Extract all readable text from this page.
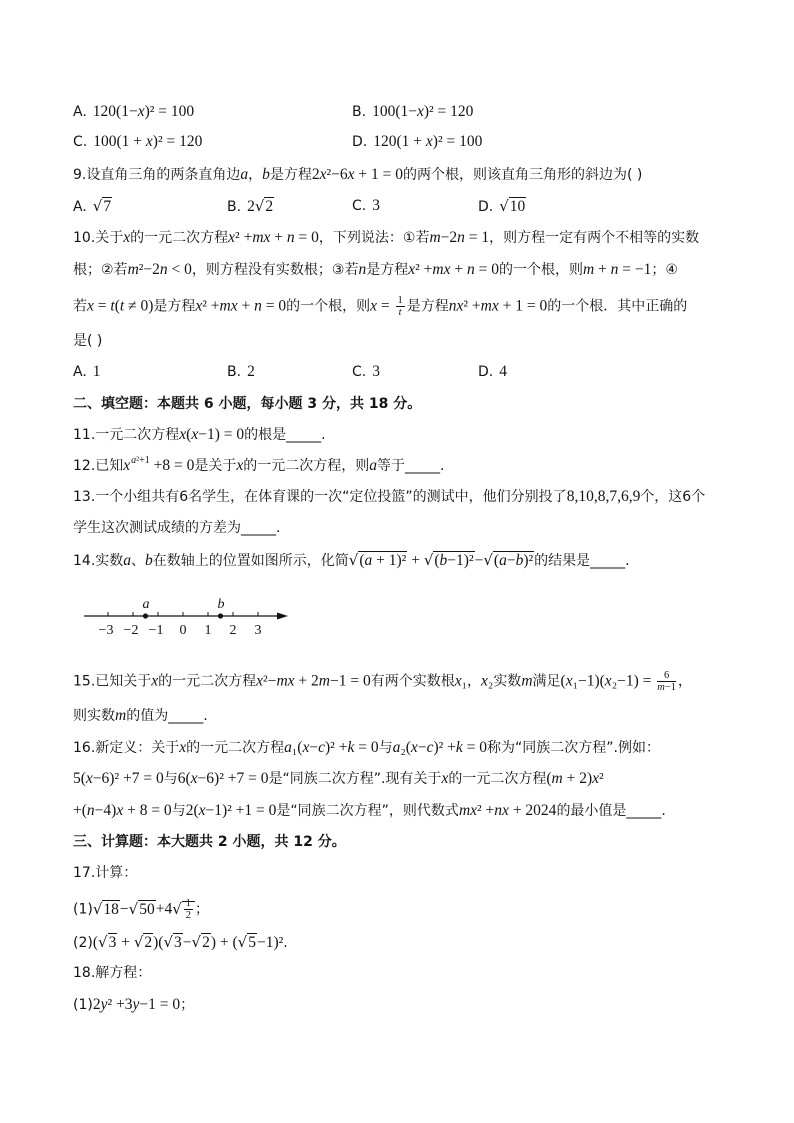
A. 120(1−x)² = 100	B. 100(1−x)² = 120
C. 100(1 + x)² = 120	D. 120(1 + x)² = 100
9.设直角三角的两条直角边a，b是方程2x²−6x + 1 = 0的两个根，则该直角三角形的斜边为( )
A. √7	B. 2√2	C. 3	D. √10
10.关于x的一元二次方程x² +mx + n = 0，下列说法：①若m−2n = 1，则方程一定有两个不相等的实数
根；②若m²−2n < 0，则方程没有实数根；③若n是方程x² +mx + n = 0的一个根，则m + n = −1；④
若x = t(t ≠ 0)是方程x² +mx + n = 0的一个根，则$x = \frac{1}{t}$ 是方程nx² +mx + 1 = 0的一个根．其中正确的
是( )
A. 1	B. 2	C. 3	D. 4
二、填空题：本题共 6 小题，每小题 3 分，共 18 分。
11.一元二次方程x(x−1) = 0的根是_____.
12.已知$x^{a^2+1} +8 = 0$是关于x的一元二次方程，则a等于_____.
13.一个小组共有6名学生，在体育课的一次“定位投篮”的测试中，他们分别投了8,10,8,7,6,9个，这6个
学生这次测试成绩的方差为_____.
14.实数a、b在数轴上的位置如图所示，化简√(a + 1)² + √(b−1)²−√(a−b)²的结果是_____.
−3 −2 −1 0 1 2 3
a	b
15.已知关于x的一元二次方程x²−mx + 2m−1 = 0有两个实数根x₁，x₂实数m满足$(x_1-1)(x_2-1) = \frac{6}{m-1}$ ，
则实数m的值为_____.
16.新定义：关于x的一元二次方程a₁(x−c)² +k = 0与a₂(x−c)² +k = 0称为“同族二次方程”.例如：
5(x−6)² +7 = 0与6(x−6)² +7 = 0是“同族二次方程”.现有关于x的一元二次方程(m + 2)x²
+(n−4)x + 8 = 0与2(x−1)² +1 = 0是“同族二次方程”，则代数式mx² +nx + 2024的最小值是_____.
三、计算题：本大题共 2 小题，共 12 分。
17.计算：
$(1)√18-√50+4√ \frac{1}{2}$ ；
(2)(√3 + √2)(√3−√2) + (√5−1)².
18.解方程：
(1)2y² +3y−1 = 0；
